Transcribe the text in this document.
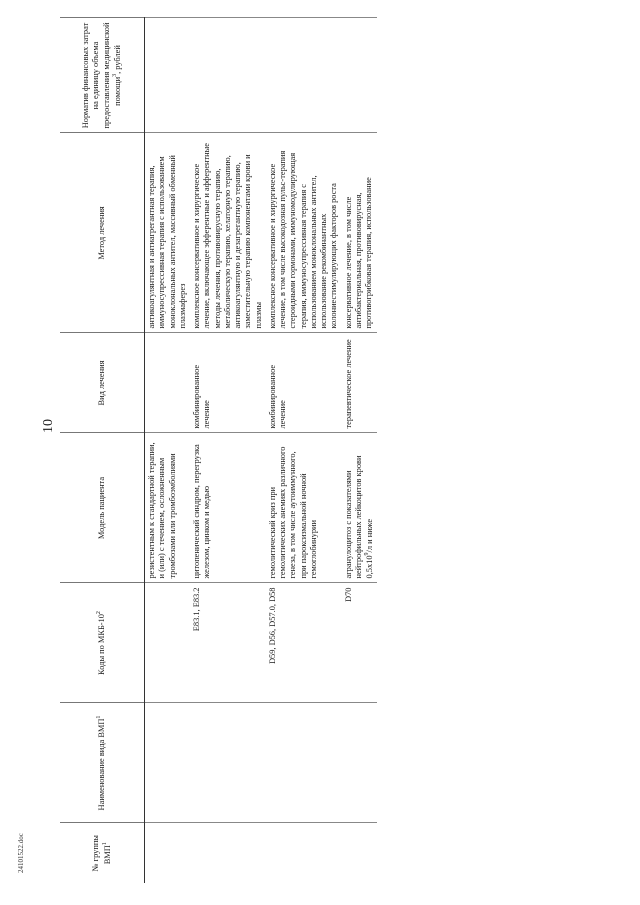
10
24101522.doc	№ группы ВМП$^1$	Наименование вида ВМП$^1$	Коды по МКБ-$10^2$	Модель пациента	Вид лечения	Метод лечения	Норматив финансовых затрат на единицу объема предоставления медицинской помощи$^3$, рублей
			резистентным к стандартной терапии, и (или) с течением, осложненным тромбозами или тромбоэмболиями		антикоагулянтная и антиагрегантная терапия, иммуносупрессивная терапия с использованием моноклональных антител, массивный обменный плазмаферез	
		E83.1, E83.2	цитопенический синдром, перегрузка железом, цинком и медью	комбинированное лечение	комплексное консервативное и хирургическое лечение, включающее эфферентные и афферентные методы лечения, противовирусную терапию, метаболическую терапию, хелаторную терапию, антикоагулянтную и дезагрегантную терапию, заместительную терапию компонентами крови и плазмы	
		D59, D56, D57.0, D58	гемолитический криз при гемолитических анемиях различного генеза, в том числе аутоиммунного, при пароксизмальной ночной гемоглобинурии	комбинированное лечение	комплексное консервативное и хирургическое лечение, в том числе высокодозная пульс-терапия стероидными гормонами, иммуномодулирующая терапия, иммуносупрессивная терапия с использованием моноклональных антител, использование рекомбинантных колониестимулирующих факторов роста	
		D70	агранулоцитоз с показателями нейтрофильных лейкоцитов крови $0,5x10^9/л$ и ниже	терапевтическое лечение	консервативное лечение, в том числе антибактериальная, противовирусная, противогрибковая терапия, использование	
